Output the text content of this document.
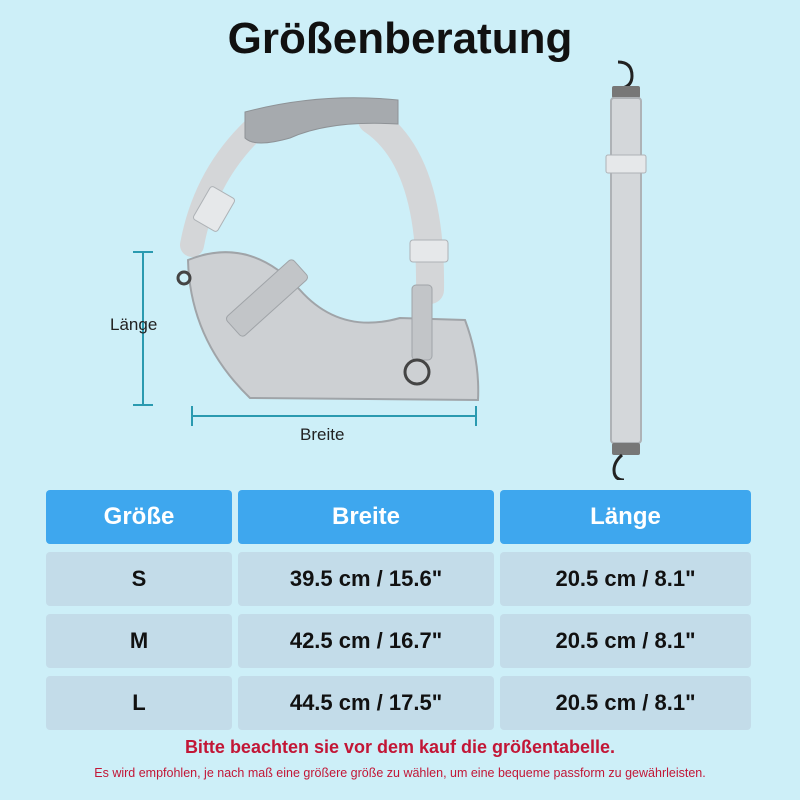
Größenberatung
Länge
Breite
Größe	Breite	Länge
S	39.5 cm / 15.6"	20.5 cm / 8.1"
M	42.5 cm / 16.7"	20.5 cm / 8.1"
L	44.5 cm / 17.5"	20.5 cm / 8.1"
Bitte beachten sie vor dem kauf die größentabelle.
Es wird empfohlen, je nach maß eine größere größe zu wählen, um eine bequeme passform zu gewährleisten.
